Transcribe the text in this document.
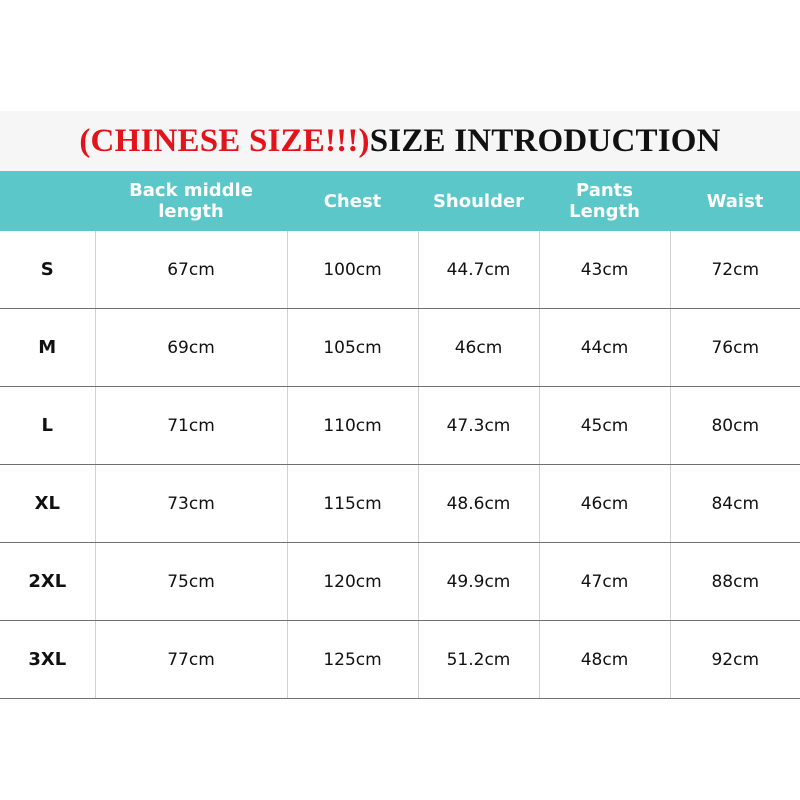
(CHINESE SIZE!!!) SIZE INTRODUCTION
	Back middle length	Chest	Shoulder	Pants Length	Waist
S	67cm	100cm	44.7cm	43cm	72cm
M	69cm	105cm	46cm	44cm	76cm
L	71cm	110cm	47.3cm	45cm	80cm
XL	73cm	115cm	48.6cm	46cm	84cm
2XL	75cm	120cm	49.9cm	47cm	88cm
3XL	77cm	125cm	51.2cm	48cm	92cm
